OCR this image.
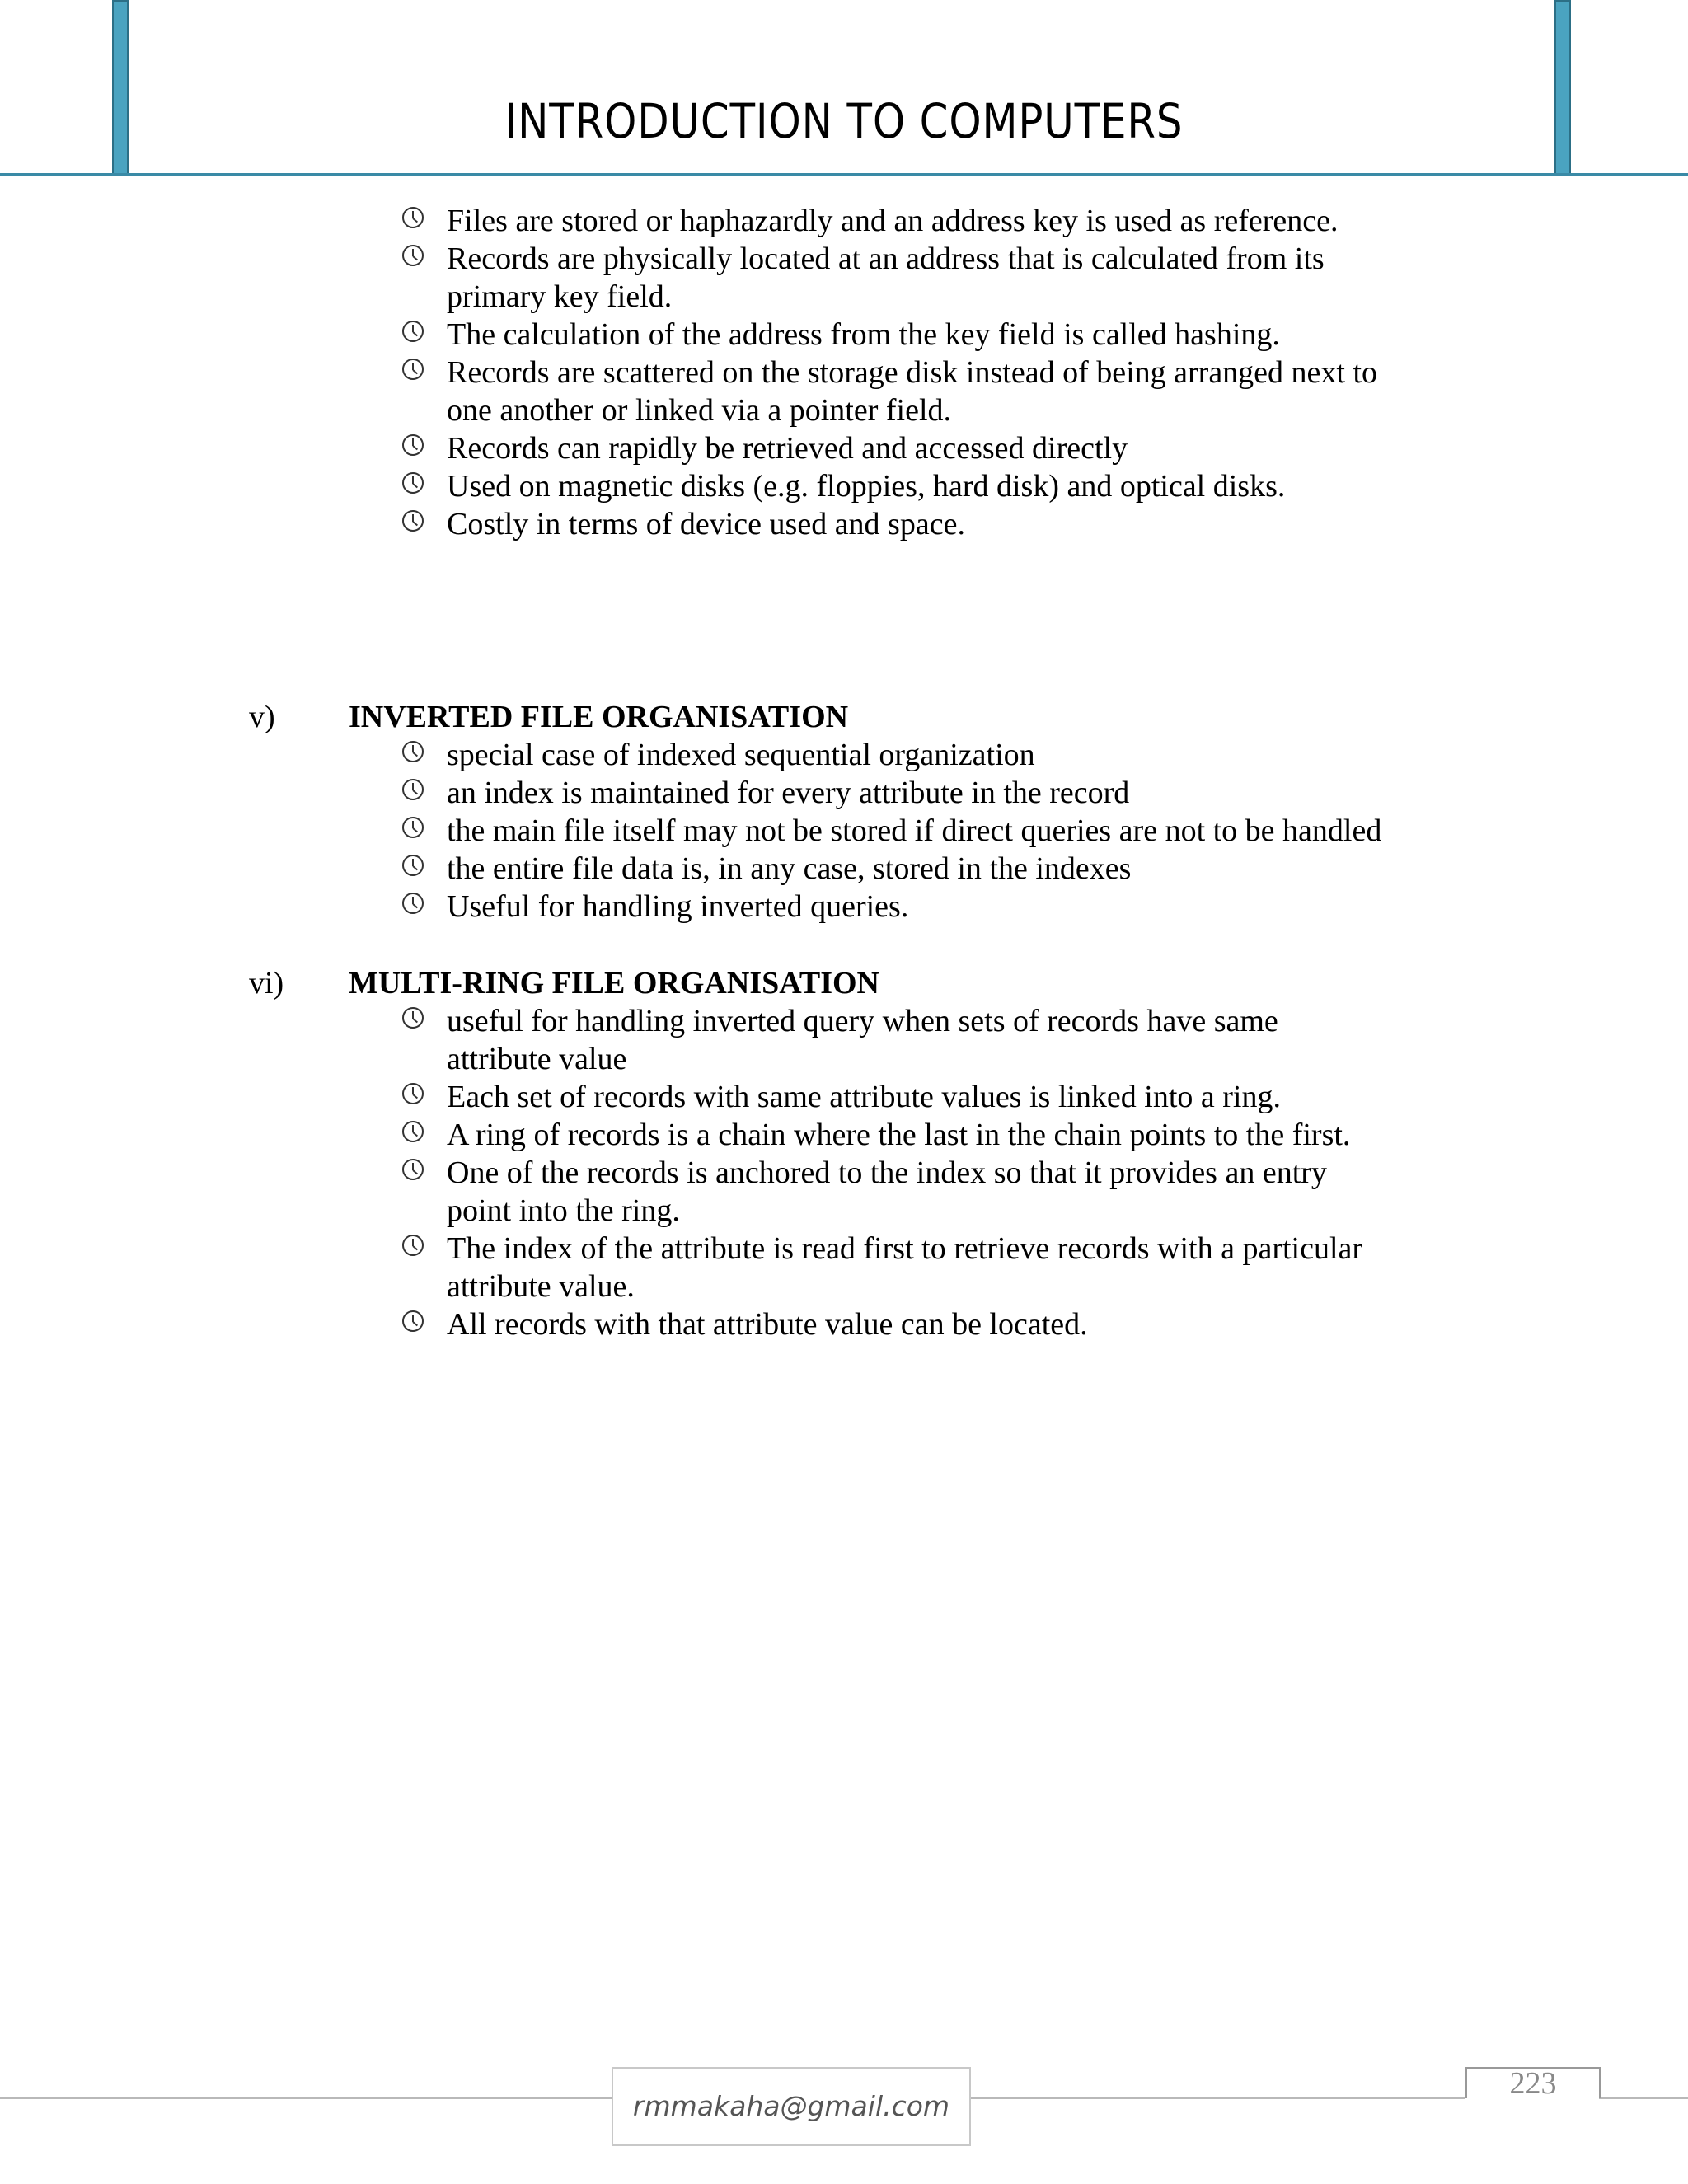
INTRODUCTION TO COMPUTERS
Files are stored or haphazardly and an address key is used as reference.
Records are physically located at an address that is calculated from its
primary key field.
The calculation of the address from the key field is called hashing.
Records are scattered on the storage disk instead of being arranged next to
one another or linked via a pointer field.
Records can rapidly be retrieved and accessed directly
Used on magnetic disks (e.g. floppies, hard disk) and optical disks.
Costly in terms of device used and space.
v) INVERTED FILE ORGANISATION
special case of indexed sequential organization
an index is maintained for every attribute in the record
the main file itself may not be stored if direct queries are not to be handled
the entire file data is, in any case, stored in the indexes
Useful for handling inverted queries.
vi) MULTI-RING FILE ORGANISATION
useful for handling inverted query when sets of records have same
attribute value
Each set of records with same attribute values is linked into a ring.
A ring of records is a chain where the last in the chain points to the first.
One of the records is anchored to the index so that it provides an entry
point into the ring.
The index of the attribute is read first to retrieve records with a particular
attribute value.
All records with that attribute value can be located.
rmmakaha@gmail.com
223
